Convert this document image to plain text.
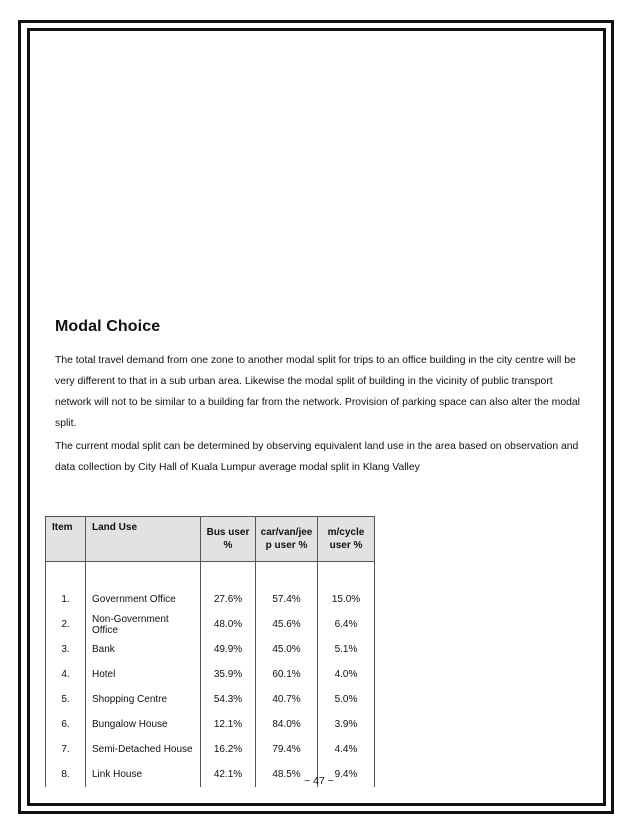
Modal Choice

The total travel demand from one zone to another modal split for trips to an office building in the city centre will be very different to that in a sub urban area. Likewise the modal split of building in the vicinity of public transport network will not to be similar to a building far from the network. Provision of parking space can also alter the modal split.

The current modal split can be determined by observing equivalent land use in the area based on observation and data collection by City Hall of Kuala Lumpur average modal split in Klang Valley

Item	Land Use	Bus user %	car/van/jee p user %	m/cycle user %

1.	Government Office	27.6%	57.4%	15.0%
2.	Non-Government Office	48.0%	45.6%	6.4%
3.	Bank	49.9%	45.0%	5.1%
4.	Hotel	35.9%	60.1%	4.0%
5.	Shopping Centre	54.3%	40.7%	5.0%
6.	Bungalow House	12.1%	84.0%	3.9%
7.	Semi-Detached House	16.2%	79.4%	4.4%
8.	Link House	42.1%	48.5%	9.4%
~ 47 ~
